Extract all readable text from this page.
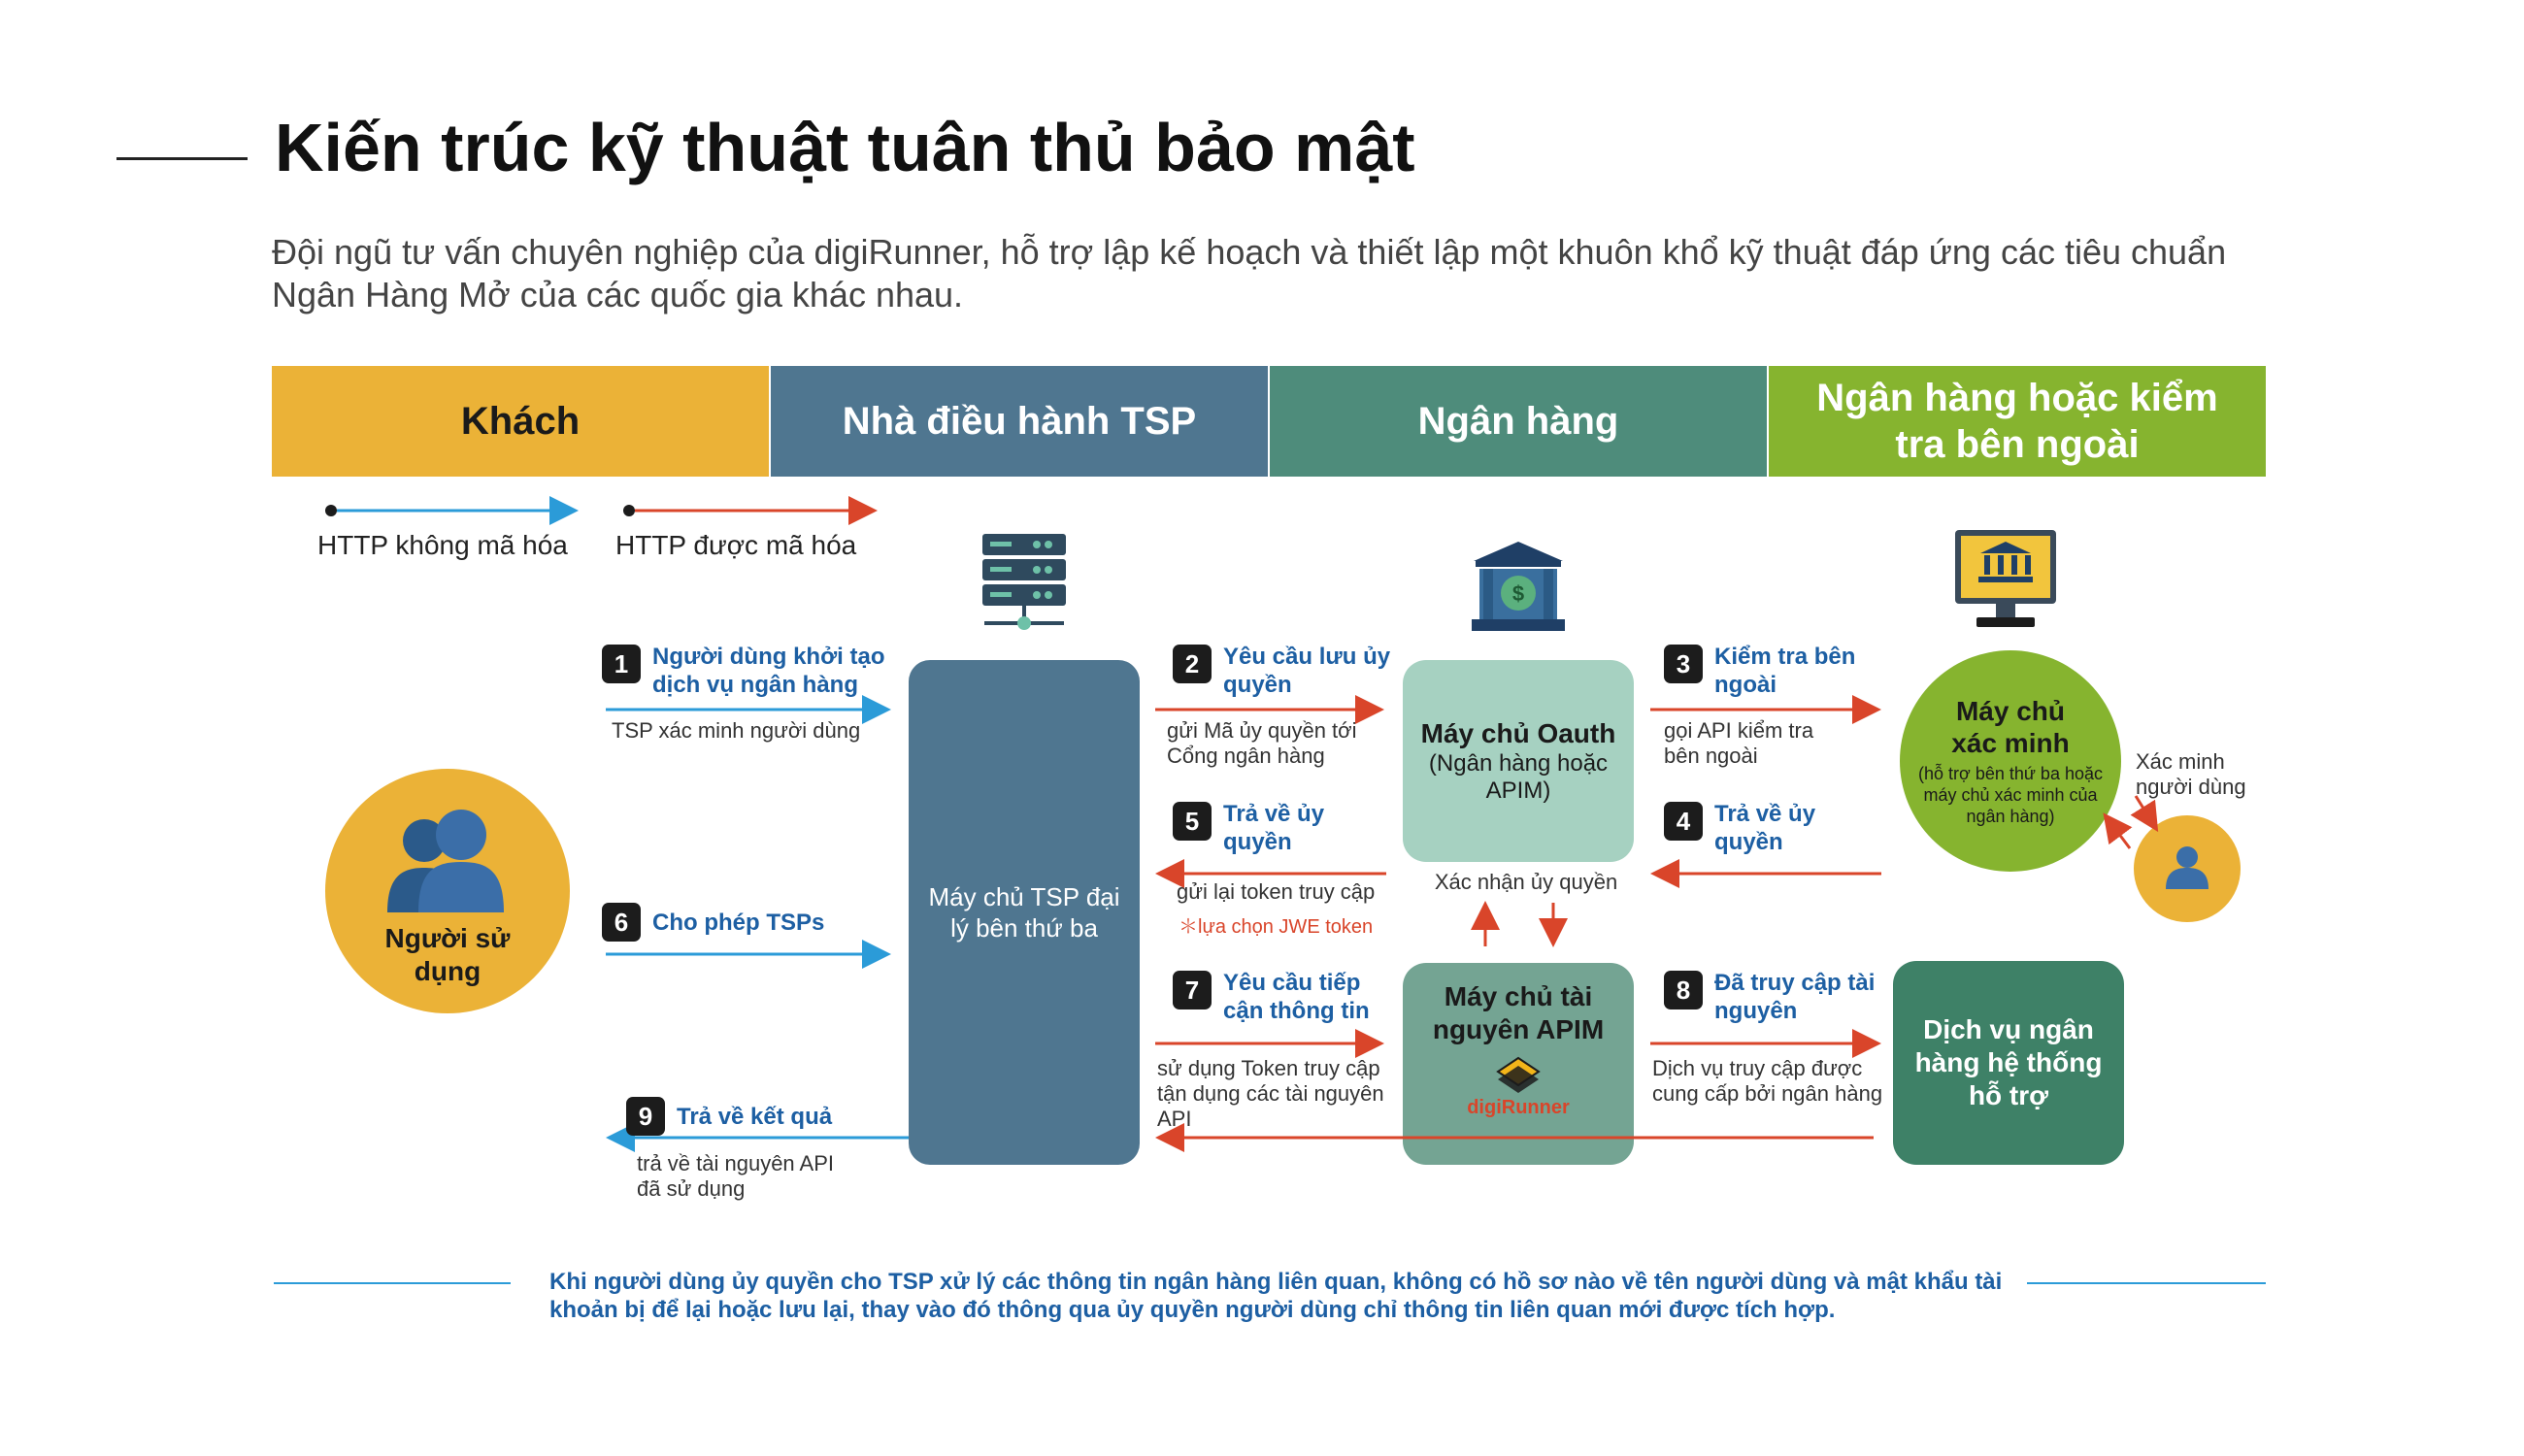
Kiến trúc kỹ thuật tuân thủ bảo mật
Đội ngũ tư vấn chuyên nghiệp của digiRunner, hỗ trợ lập kế hoạch và thiết lập một khuôn khổ kỹ thuật đáp ứng các tiêu chuẩn Ngân Hàng Mở của các quốc gia khác nhau.
Khách	Nhà điều hành TSP	Ngân hàng
Ngân hàng hoặc kiểm tra bên ngoài
Máy chủ TSP đại lý bên thứ ba
Máy chủ Oauth
(Ngân hàng hoặc APIM)
Máy chủ tài nguyên APIM
digiRunner
Dịch vụ ngân hàng hệ thống hỗ trợ
Máy chủ xác minh
(hỗ trợ bên thứ ba hoặc máy chủ xác minh của ngân hàng)
Người sử dụng
Xác minh người dùng
$
HTTP không mã hóa HTTP được mã hóa
1	Người dùng khởi tạo dịch vụ ngân hàng
TSP xác minh người dùng
2	Yêu cầu lưu ủy quyền
gửi Mã ủy quyền tới Cổng ngân hàng
3	Kiểm tra bên ngoài
gọi API kiểm tra bên ngoài
4	Trả về ủy quyền
5	Trả về ủy quyền
gửi lại token truy cập
＊lựa chọn JWE token
6	Cho phép TSPs
7	Yêu cầu tiếp cận thông tin
sử dụng Token truy cập tận dụng các tài nguyên API
8	Đã truy cập tài nguyên
Dịch vụ truy cập được cung cấp bởi ngân hàng
9	Trả về kết quả
trả về tài nguyên API đã sử dụng
Xác nhận ủy quyền
Khi người dùng ủy quyền cho TSP xử lý các thông tin ngân hàng liên quan, không có hồ sơ nào về tên người dùng và mật khẩu tài khoản bị để lại hoặc lưu lại, thay vào đó thông qua ủy quyền người dùng chỉ thông tin liên quan mới được tích hợp.
